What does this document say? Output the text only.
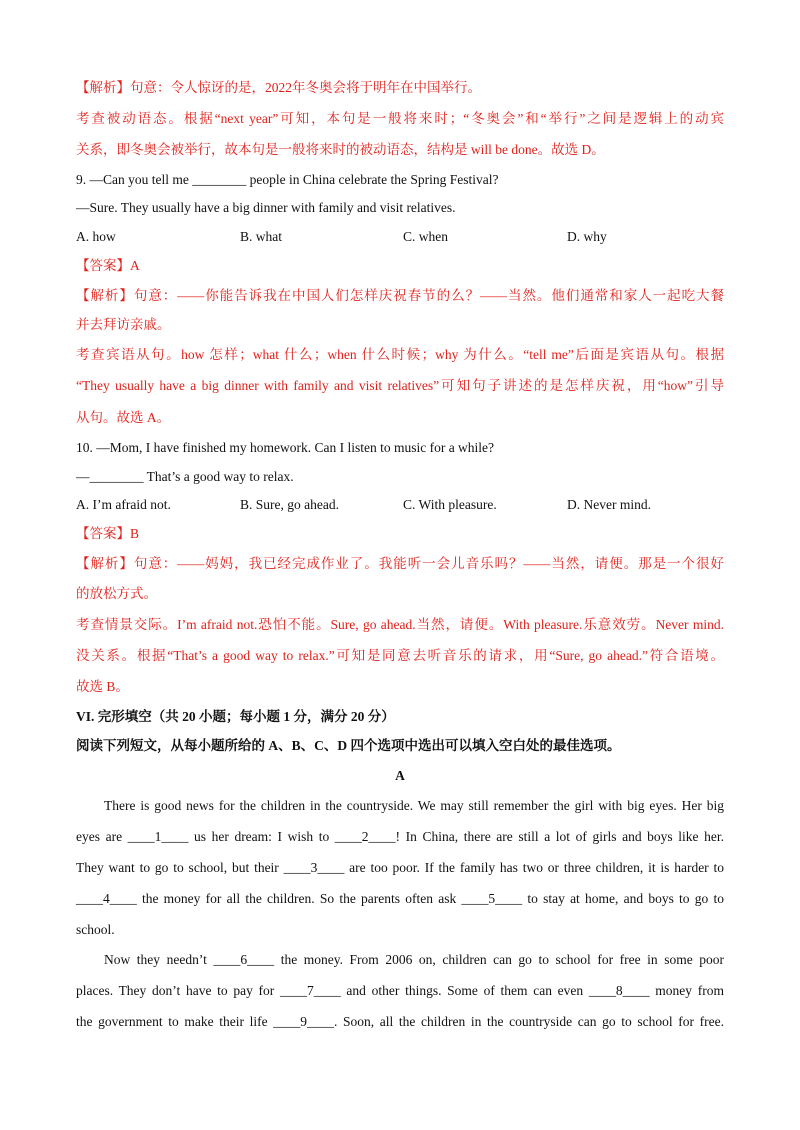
【解析】句意：令人惊讶的是，2022年冬奥会将于明年在中国举行。
考查被动语态。根据“next year”可知，本句是一般将来时；“冬奥会”和“举行”之间是逻辑上的动宾
关系，即冬奥会被举行，故本句是一般将来时的被动语态，结构是 will be done。故选 D。
9. —Can you tell me ________ people in China celebrate the Spring Festival?
—Sure. They usually have a big dinner with family and visit relatives.
A. how	B. what	C. when	D. why
【答案】A
【解析】句意：——你能告诉我在中国人们怎样庆祝春节的么？——当然。他们通常和家人一起吃大餐
并去拜访亲戚。
考查宾语从句。how 怎样；what 什么；when 什么时候；why 为什么。“tell me”后面是宾语从句。根据
“They usually have a big dinner with family and visit relatives”可知句子讲述的是怎样庆祝，用“how”引导
从句。故选 A。
10. —Mom, I have finished my homework. Can I listen to music for a while?
—________ That’s a good way to relax.
A. I’m afraid not.	B. Sure, go ahead.	C. With pleasure.	D. Never mind.
【答案】B
【解析】句意：——妈妈，我已经完成作业了。我能听一会儿音乐吗？——当然，请便。那是一个很好
的放松方式。
考查情景交际。I’m afraid not.恐怕不能。Sure, go ahead.当然，请便。With pleasure.乐意效劳。Never mind.
没关系。根据“That’s a good way to relax.”可知是同意去听音乐的请求，用“Sure, go ahead.”符合语境。
故选 B。
VI. 完形填空（共 20 小题；每小题 1 分，满分 20 分）
阅读下列短文，从每小题所给的 A、B、C、D 四个选项中选出可以填入空白处的最佳选项。
A
There is good news for the children in the countryside. We may still remember the girl with big eyes. Her big
eyes are ____1____ us her dream: I wish to ____2____! In China, there are still a lot of girls and boys like her.
They want to go to school, but their ____3____ are too poor. If the family has two or three children, it is harder to
____4____ the money for all the children. So the parents often ask ____5____ to stay at home, and boys to go to
school.
Now they needn’t ____6____ the money. From 2006 on, children can go to school for free in some poor
places. They don’t have to pay for ____7____ and other things. Some of them can even ____8____ money from
the government to make their life ____9____. Soon, all the children in the countryside can go to school for free.
